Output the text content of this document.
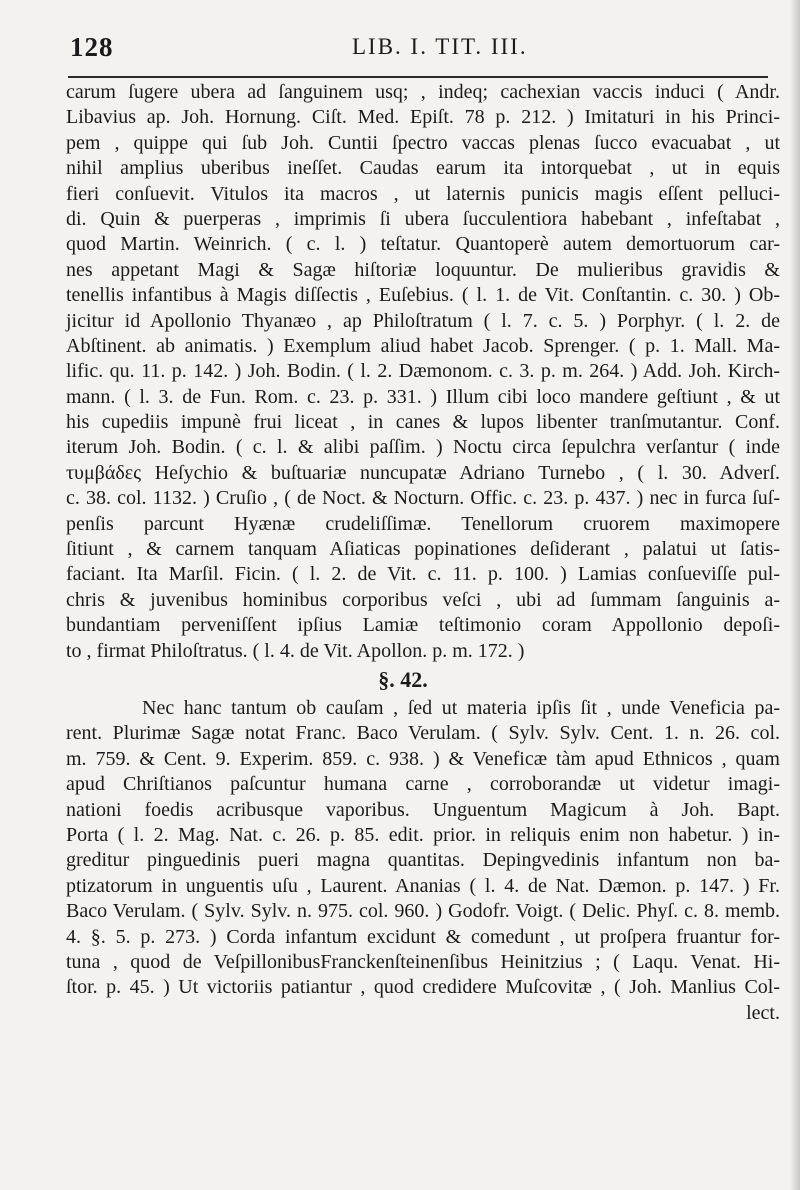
128	LIB. I. TIT. III.
carum ſugere ubera ad ſanguinem usq; , indeq; cachexian vaccis induci ( Andr.
Libavius ap. Joh. Hornung. Ciſt. Med. Epiſt. 78 p. 212. ) Imitaturi in his Princi-
pem , quippe qui ſub Joh. Cuntii ſpectro vaccas plenas ſucco evacuabat , ut
nihil amplius uberibus ineſſet. Caudas earum ita intorquebat , ut in equis
fieri conſuevit. Vitulos ita macros , ut laternis punicis magis eſſent pelluci-
di. Quin & puerperas , imprimis ſi ubera ſucculentiora habebant , infeſtabat ,
quod Martin. Weinrich. ( c. l. ) teſtatur. Quantoperè autem demortuorum car-
nes appetant Magi & Sagæ hiſtoriæ loquuntur. De mulieribus gravidis &
tenellis infantibus à Magis diſſectis , Euſebius. ( l. 1. de Vit. Conſtantin. c. 30. ) Ob-
jicitur id Apollonio Thyanæo , ap Philoſtratum ( l. 7. c. 5. ) Porphyr. ( l. 2. de
Abſtinent. ab animatis. ) Exemplum aliud habet Jacob. Sprenger. ( p. 1. Mall. Ma-
lific. qu. 11. p. 142. ) Joh. Bodin. ( l. 2. Dæmonom. c. 3. p. m. 264. ) Add. Joh. Kirch-
mann. ( l. 3. de Fun. Rom. c. 23. p. 331. ) Illum cibi loco mandere geſtiunt , & ut
his cupediis impunè frui liceat , in canes & lupos libenter tranſmutantur. Conf.
iterum Joh. Bodin. ( c. l. & alibi paſſim. ) Noctu circa ſepulchra verſantur ( inde
τυμβάδες Heſychio & buſtuariæ nuncupatæ Adriano Turnebo , ( l. 30. Adverſ.
c. 38. col. 1132. ) Cruſio , ( de Noct. & Nocturn. Offic. c. 23. p. 437. ) nec in furca ſuſ-
penſis parcunt Hyænæ crudeliſſimæ. Tenellorum cruorem maximopere
ſitiunt , & carnem tanquam Aſiaticas popinationes deſiderant , palatui ut ſatis-
faciant. Ita Marſil. Ficin. ( l. 2. de Vit. c. 11. p. 100. ) Lamias conſueviſſe pul-
chris & juvenibus hominibus corporibus veſci , ubi ad ſummam ſanguinis a-
bundantiam perveniſſent ipſius Lamiæ teſtimonio coram Appollonio depoſi-
to , firmat Philoſtratus. ( l. 4. de Vit. Apollon. p. m. 172. )
§. 42.
Nec hanc tantum ob cauſam , ſed ut materia ipſis ſit , unde Veneficia pa-
rent. Plurimæ Sagæ notat Franc. Baco Verulam. ( Sylv. Sylv. Cent. 1. n. 26. col.
m. 759. & Cent. 9. Experim. 859. c. 938. ) & Veneficæ tàm apud Ethnicos , quam
apud Chriſtianos paſcuntur humana carne , corroborandæ ut videtur imagi-
nationi foedis acribusque vaporibus. Unguentum Magicum à Joh. Bapt.
Porta ( l. 2. Mag. Nat. c. 26. p. 85. edit. prior. in reliquis enim non habetur. ) in-
greditur pinguedinis pueri magna quantitas. Depingvedinis infantum non ba-
ptizatorum in unguentis uſu , Laurent. Ananias ( l. 4. de Nat. Dæmon. p. 147. ) Fr.
Baco Verulam. ( Sylv. Sylv. n. 975. col. 960. ) Godofr. Voigt. ( Delic. Phyſ. c. 8. memb.
4. §. 5. p. 273. ) Corda infantum excidunt & comedunt , ut proſpera fruantur for-
tuna , quod de VeſpillonibusFranckenſteinenſibus Heinitzius ; ( Laqu. Venat. Hi-
ſtor. p. 45. ) Ut victoriis patiantur , quod credidere Muſcovitæ , ( Joh. Manlius Col-
lect.
